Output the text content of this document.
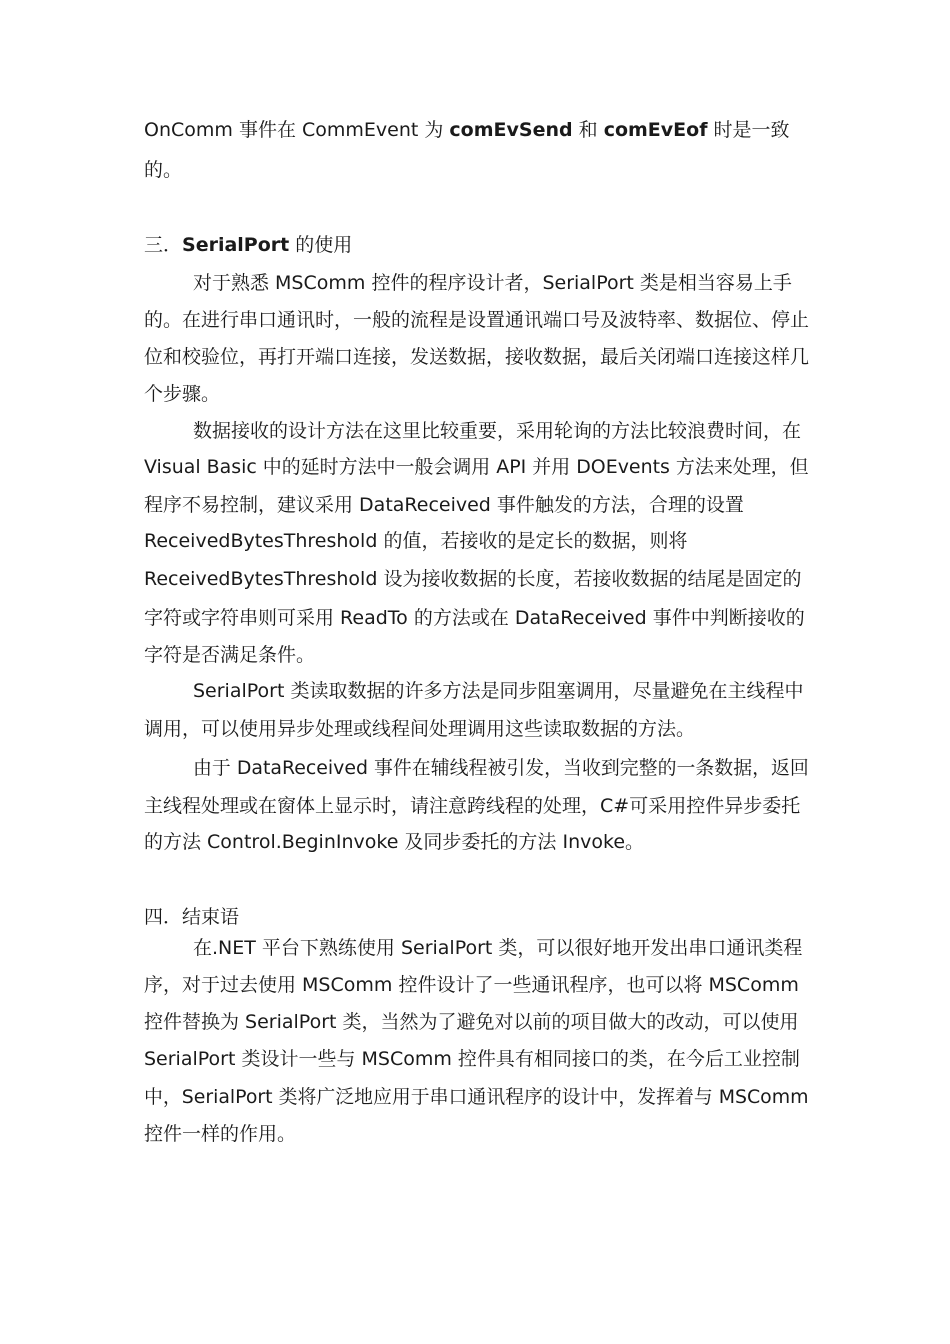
OnComm 事件在 CommEvent 为 comEvSend 和 comEvEof 时是一致
的。
三．SerialPort 的使用
对于熟悉 MSComm 控件的程序设计者，SerialPort 类是相当容易上手
的。在进行串口通讯时，一般的流程是设置通讯端口号及波特率、数据位、停止
位和校验位，再打开端口连接，发送数据，接收数据，最后关闭端口连接这样几
个步骤。
数据接收的设计方法在这里比较重要，采用轮询的方法比较浪费时间，在
Visual Basic 中的延时方法中一般会调用 API 并用 DOEvents 方法来处理，但
程序不易控制，建议采用 DataReceived 事件触发的方法，合理的设置
ReceivedBytesThreshold 的值，若接收的是定长的数据，则将
ReceivedBytesThreshold 设为接收数据的长度，若接收数据的结尾是固定的
字符或字符串则可采用 ReadTo 的方法或在 DataReceived 事件中判断接收的
字符是否满足条件。
SerialPort 类读取数据的许多方法是同步阻塞调用，尽量避免在主线程中
调用，可以使用异步处理或线程间处理调用这些读取数据的方法。
由于 DataReceived 事件在辅线程被引发，当收到完整的一条数据，返回
主线程处理或在窗体上显示时，请注意跨线程的处理，C#可采用控件异步委托
的方法 Control.BeginInvoke 及同步委托的方法 Invoke。
四．结束语
在.NET 平台下熟练使用 SerialPort 类，可以很好地开发出串口通讯类程
序，对于过去使用 MSComm 控件设计了一些通讯程序，也可以将 MSComm
控件替换为 SerialPort 类，当然为了避免对以前的项目做大的改动，可以使用
SerialPort 类设计一些与 MSComm 控件具有相同接口的类，在今后工业控制
中，SerialPort 类将广泛地应用于串口通讯程序的设计中，发挥着与 MSComm
控件一样的作用。
